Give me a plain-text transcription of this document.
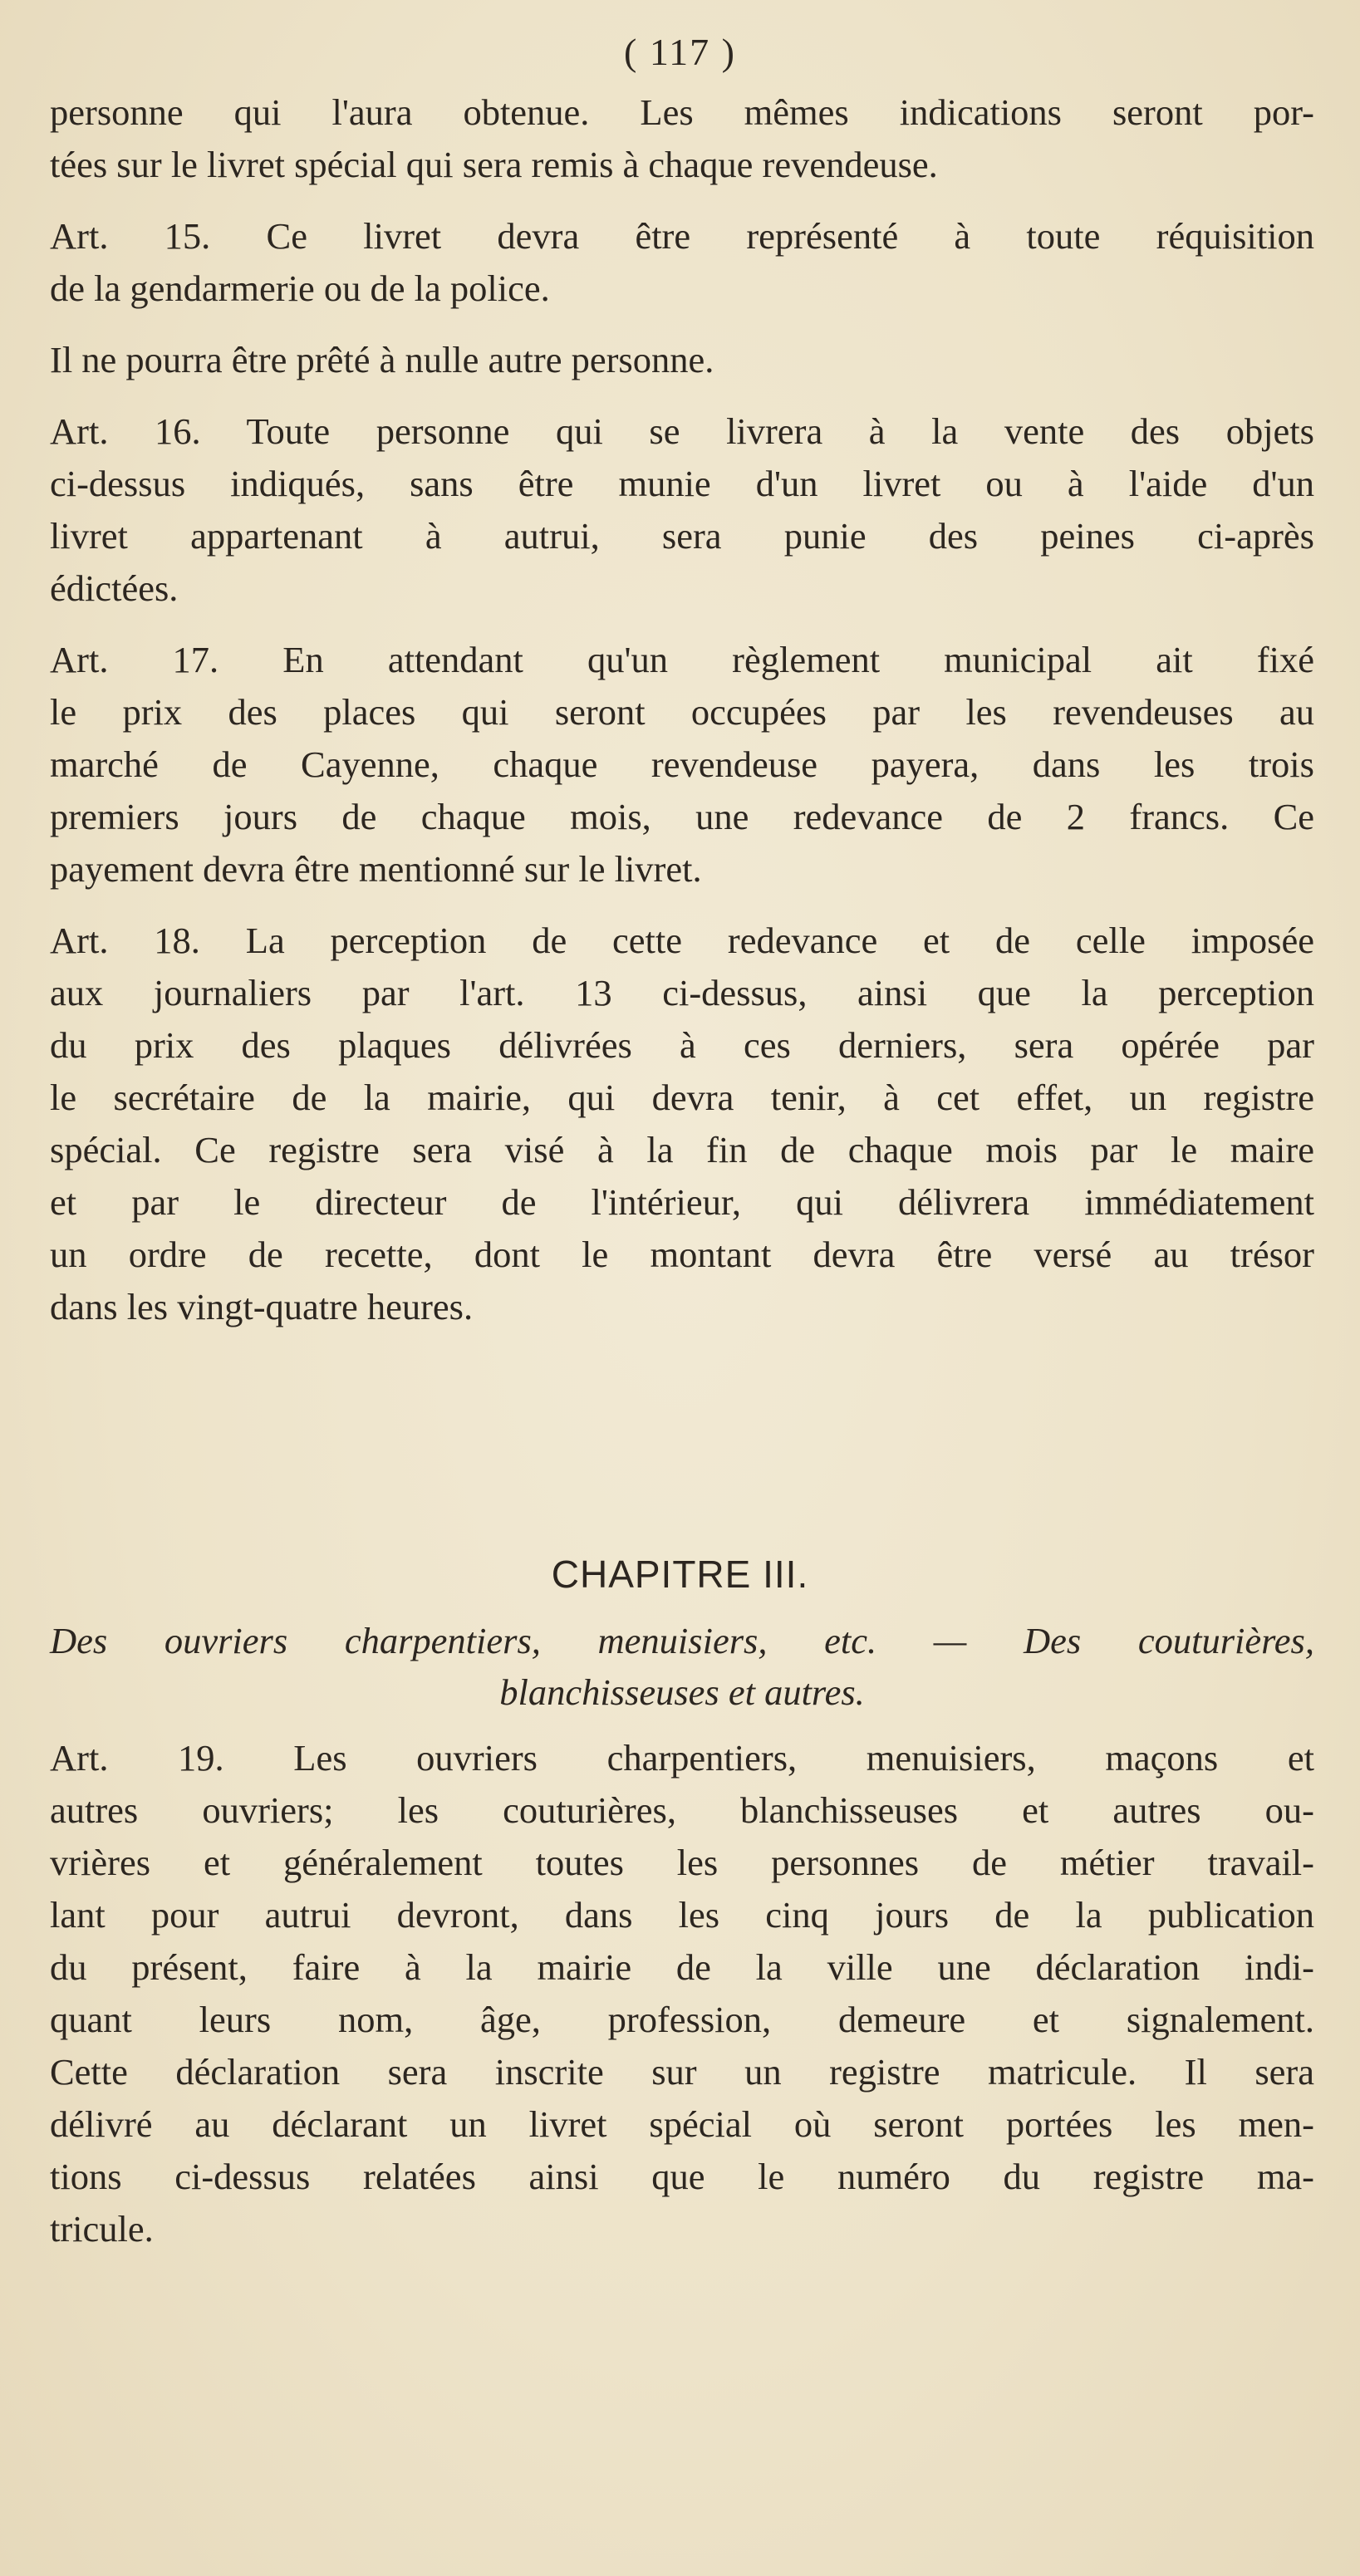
( 117 )

personne qui l'aura obtenue. Les mêmes indications seront por-
tées sur le livret spécial qui sera remis à chaque revendeuse.

Art. 15. Ce livret devra être représenté à toute réquisition
de la gendarmerie ou de la police.

Il ne pourra être prêté à nulle autre personne.

Art. 16. Toute personne qui se livrera à la vente des objets
ci-dessus indiqués, sans être munie d'un livret ou à l'aide d'un
livret appartenant à autrui, sera punie des peines ci-après
édictées.

Art. 17. En attendant qu'un règlement municipal ait fixé
le prix des places qui seront occupées par les revendeuses au
marché de Cayenne, chaque revendeuse payera, dans les trois
premiers jours de chaque mois, une redevance de 2 francs. Ce
payement devra être mentionné sur le livret.

Art. 18. La perception de cette redevance et de celle imposée
aux journaliers par l'art. 13 ci-dessus, ainsi que la perception
du prix des plaques délivrées à ces derniers, sera opérée par
le secrétaire de la mairie, qui devra tenir, à cet effet, un registre
spécial. Ce registre sera visé à la fin de chaque mois par le maire
et par le directeur de l'intérieur, qui délivrera immédiatement
un ordre de recette, dont le montant devra être versé au trésor
dans les vingt-quatre heures.

CHAPITRE III.
Des ouvriers charpentiers, menuisiers, etc. — Des couturières,
blanchisseuses et autres.

Art. 19. Les ouvriers charpentiers, menuisiers, maçons et
autres ouvriers; les couturières, blanchisseuses et autres ou-
vrières et généralement toutes les personnes de métier travail-
lant pour autrui devront, dans les cinq jours de la publication
du présent, faire à la mairie de la ville une déclaration indi-
quant leurs nom, âge, profession, demeure et signalement.
Cette déclaration sera inscrite sur un registre matricule. Il sera
délivré au déclarant un livret spécial où seront portées les men-
tions ci-dessus relatées ainsi que le numéro du registre ma-
tricule.
